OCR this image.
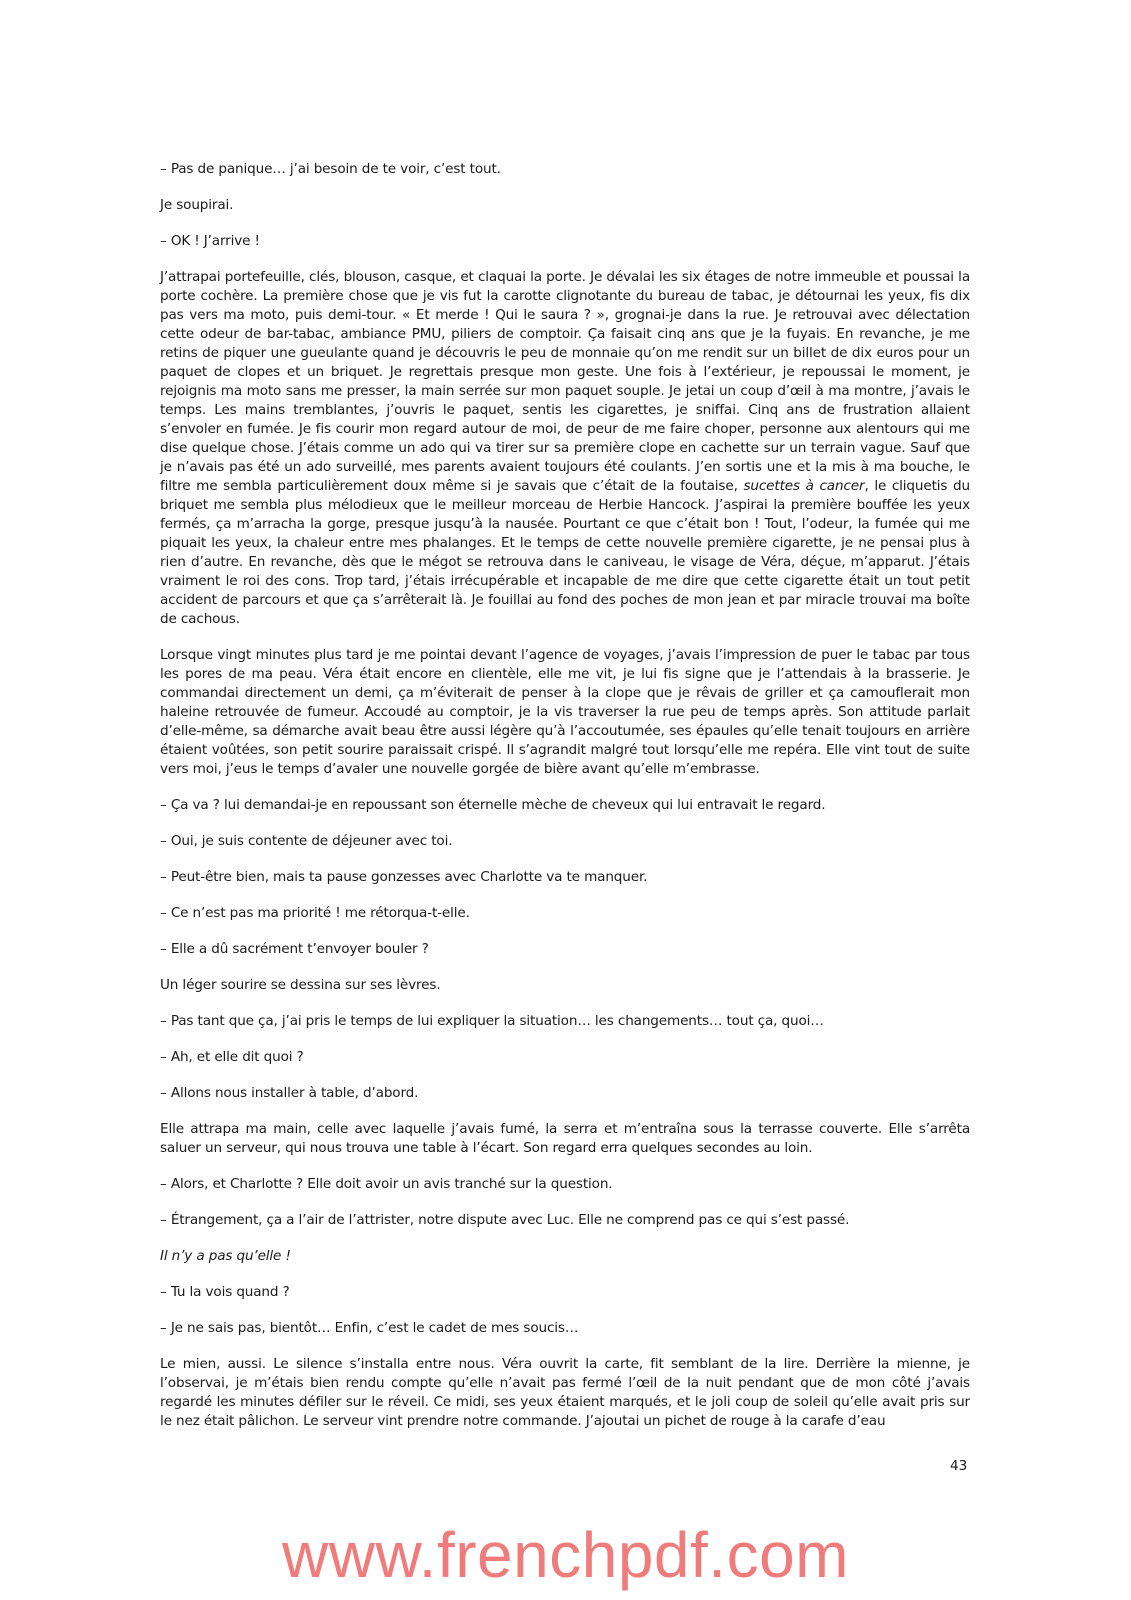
– Pas de panique… j’ai besoin de te voir, c’est tout.

Je soupirai.

– OK ! J’arrive !

J’attrapai portefeuille, clés, blouson, casque, et claquai la porte. Je dévalai les six étages de notre immeuble et poussai la porte cochère. La première chose que je vis fut la carotte clignotante du bureau de tabac, je détournai les yeux, fis dix pas vers ma moto, puis demi-tour. « Et merde ! Qui le saura ? », grognai-je dans la rue. Je retrouvai avec délectation cette odeur de bar-tabac, ambiance PMU, piliers de comptoir. Ça faisait cinq ans que je la fuyais. En revanche, je me retins de piquer une gueulante quand je découvris le peu de monnaie qu’on me rendit sur un billet de dix euros pour un paquet de clopes et un briquet. Je regrettais presque mon geste. Une fois à l’extérieur, je repoussai le moment, je rejoignis ma moto sans me presser, la main serrée sur mon paquet souple. Je jetai un coup d’œil à ma montre, j’avais le temps. Les mains tremblantes, j’ouvris le paquet, sentis les cigarettes, je sniffai. Cinq ans de frustration allaient s’envoler en fumée. Je fis courir mon regard autour de moi, de peur de me faire choper, personne aux alentours qui me dise quelque chose. J’étais comme un ado qui va tirer sur sa première clope en cachette sur un terrain vague. Sauf que je n’avais pas été un ado surveillé, mes parents avaient toujours été coulants. J’en sortis une et la mis à ma bouche, le filtre me sembla particulièrement doux même si je savais que c’était de la foutaise, sucettes à cancer, le cliquetis du briquet me sembla plus mélodieux que le meilleur morceau de Herbie Hancock. J’aspirai la première bouffée les yeux fermés, ça m’arracha la gorge, presque jusqu’à la nausée. Pourtant ce que c’était bon ! Tout, l’odeur, la fumée qui me piquait les yeux, la chaleur entre mes phalanges. Et le temps de cette nouvelle première cigarette, je ne pensai plus à rien d’autre. En revanche, dès que le mégot se retrouva dans le caniveau, le visage de Véra, déçue, m’apparut. J’étais vraiment le roi des cons. Trop tard, j’étais irrécupérable et incapable de me dire que cette cigarette était un tout petit accident de parcours et que ça s’arrêterait là. Je fouillai au fond des poches de mon jean et par miracle trouvai ma boîte de cachous.

Lorsque vingt minutes plus tard je me pointai devant l’agence de voyages, j’avais l’impression de puer le tabac par tous les pores de ma peau. Véra était encore en clientèle, elle me vit, je lui fis signe que je l’attendais à la brasserie. Je commandai directement un demi, ça m’éviterait de penser à la clope que je rêvais de griller et ça camouflerait mon haleine retrouvée de fumeur. Accoudé au comptoir, je la vis traverser la rue peu de temps après. Son attitude parlait d’elle-même, sa démarche avait beau être aussi légère qu’à l’accoutumée, ses épaules qu’elle tenait toujours en arrière étaient voûtées, son petit sourire paraissait crispé. Il s’agrandit malgré tout lorsqu’elle me repéra. Elle vint tout de suite vers moi, j’eus le temps d’avaler une nouvelle gorgée de bière avant qu’elle m’embrasse.

– Ça va ? lui demandai-je en repoussant son éternelle mèche de cheveux qui lui entravait le regard.

– Oui, je suis contente de déjeuner avec toi.

– Peut-être bien, mais ta pause gonzesses avec Charlotte va te manquer.

– Ce n’est pas ma priorité ! me rétorqua-t-elle.

– Elle a dû sacrément t’envoyer bouler ?

Un léger sourire se dessina sur ses lèvres.

– Pas tant que ça, j’ai pris le temps de lui expliquer la situation… les changements… tout ça, quoi…

– Ah, et elle dit quoi ?

– Allons nous installer à table, d’abord.

Elle attrapa ma main, celle avec laquelle j’avais fumé, la serra et m’entraîna sous la terrasse couverte. Elle s’arrêta saluer un serveur, qui nous trouva une table à l’écart. Son regard erra quelques secondes au loin.

– Alors, et Charlotte ? Elle doit avoir un avis tranché sur la question.

– Étrangement, ça a l’air de l’attrister, notre dispute avec Luc. Elle ne comprend pas ce qui s’est passé.

Il n’y a pas qu’elle !

– Tu la vois quand ?

– Je ne sais pas, bientôt… Enfin, c’est le cadet de mes soucis…

Le mien, aussi. Le silence s’installa entre nous. Véra ouvrit la carte, fit semblant de la lire. Derrière la mienne, je l’observai, je m’étais bien rendu compte qu’elle n’avait pas fermé l’œil de la nuit pendant que de mon côté j’avais regardé les minutes défiler sur le réveil. Ce midi, ses yeux étaient marqués, et le joli coup de soleil qu’elle avait pris sur le nez était pâlichon. Le serveur vint prendre notre commande. J’ajoutai un pichet de rouge à la carafe d’eau

43
www.frenchpdf.com
